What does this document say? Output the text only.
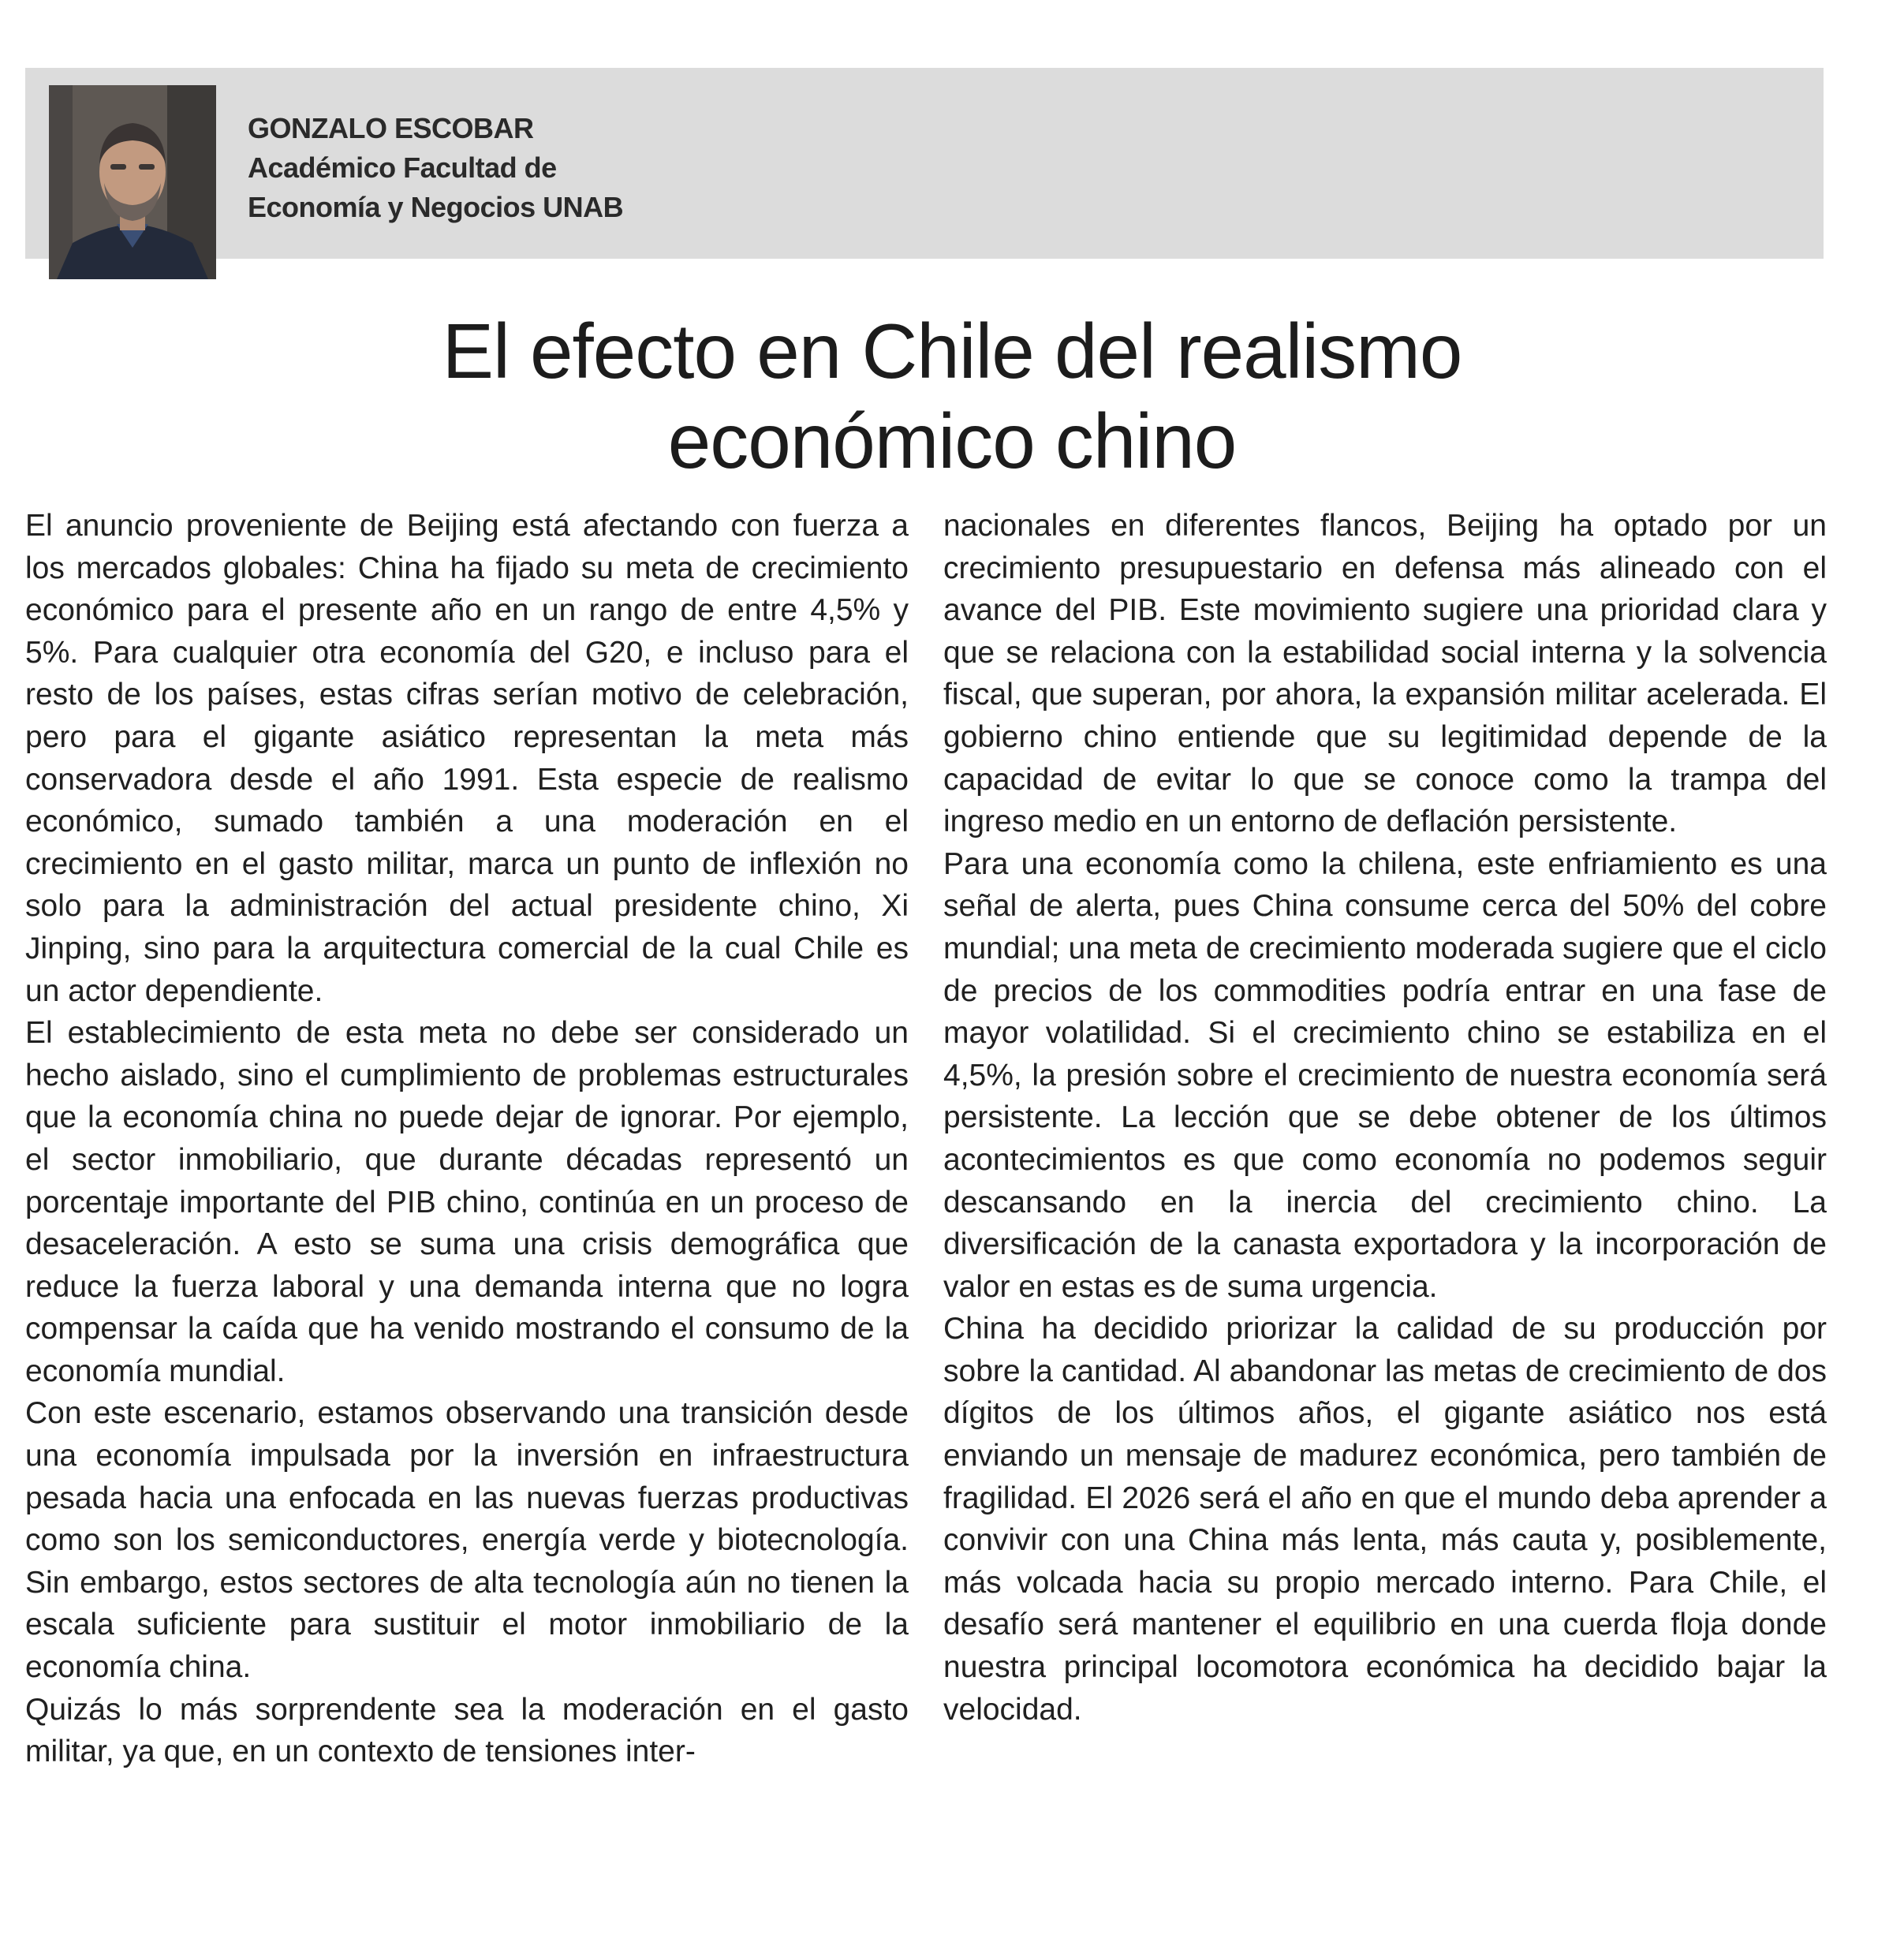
GONZALO ESCOBAR
Académico Facultad de
Economía y Negocios UNAB
El efecto en Chile del realismo
económico chino

El anuncio proveniente de Beijing está afectando con fuerza a los mercados globales: China ha fijado su meta de crecimiento económico para el presente año en un rango de entre 4,5% y 5%. Para cualquier otra economía del G20, e incluso para el resto de los países, estas cifras serían motivo de celebración, pero para el gigante asiático representan la meta más conservadora desde el año 1991. Esta especie de realismo económico, sumado también a una moderación en el crecimiento en el gasto militar, marca un punto de inflexión no solo para la administración del actual presidente chino, Xi Jinping, sino para la arquitectura comercial de la cual Chile es un actor dependiente.

El establecimiento de esta meta no debe ser considerado un hecho aislado, sino el cumplimiento de problemas estructurales que la economía china no puede dejar de ignorar. Por ejemplo, el sector inmobiliario, que durante décadas representó un porcentaje importante del PIB chino, continúa en un proceso de desaceleración. A esto se suma una crisis demográfica que reduce la fuerza laboral y una demanda interna que no logra compensar la caída que ha venido mostrando el consumo de la economía mundial.

Con este escenario, estamos observando una transición desde una economía impulsada por la inversión en infraestructura pesada hacia una enfocada en las nuevas fuerzas productivas como son los semiconductores, energía verde y biotecnología. Sin embargo, estos sectores de alta tecnología aún no tienen la escala suficiente para sustituir el motor inmobiliario de la economía china.

Quizás lo más sorprendente sea la moderación en el gasto militar, ya que, en un contexto de tensiones inter-

nacionales en diferentes flancos, Beijing ha optado por un crecimiento presupuestario en defensa más alineado con el avance del PIB. Este movimiento sugiere una prioridad clara y que se relaciona con la estabilidad social interna y la solvencia fiscal, que superan, por ahora, la expansión militar acelerada. El gobierno chino entiende que su legitimidad depende de la capacidad de evitar lo que se conoce como la trampa del ingreso medio en un entorno de deflación persistente.

Para una economía como la chilena, este enfriamiento es una señal de alerta, pues China consume cerca del 50% del cobre mundial; una meta de crecimiento moderada sugiere que el ciclo de precios de los commodities podría entrar en una fase de mayor volatilidad. Si el crecimiento chino se estabiliza en el 4,5%, la presión sobre el crecimiento de nuestra economía será persistente. La lección que se debe obtener de los últimos acontecimientos es que como economía no podemos seguir descansando en la inercia del crecimiento chino. La diversificación de la canasta exportadora y la incorporación de valor en estas es de suma urgencia.

China ha decidido priorizar la calidad de su producción por sobre la cantidad. Al abandonar las metas de crecimiento de dos dígitos de los últimos años, el gigante asiático nos está enviando un mensaje de madurez económica, pero también de fragilidad. El 2026 será el año en que el mundo deba aprender a convivir con una China más lenta, más cauta y, posiblemente, más volcada hacia su propio mercado interno. Para Chile, el desafío será mantener el equilibrio en una cuerda floja donde nuestra principal locomotora económica ha decidido bajar la velocidad.
